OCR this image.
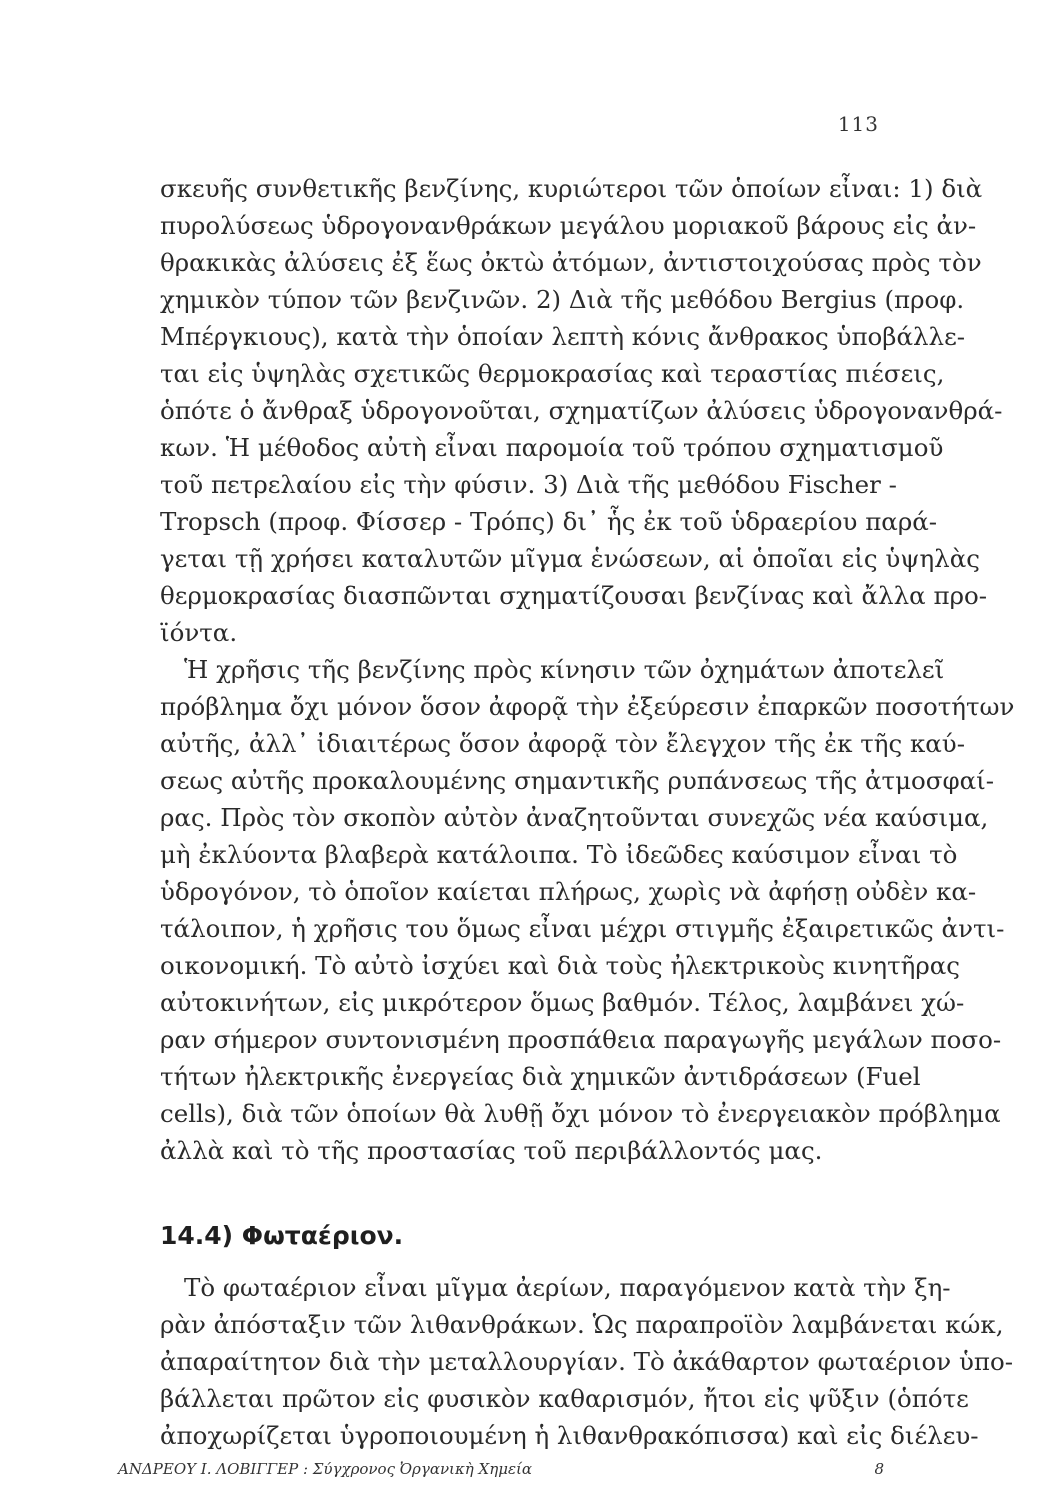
113
σκευῆς συνθετικῆς βενζίνης, κυριώτεροι τῶν ὁποίων εἶναι: 1) διὰ
πυρολύσεως ὑδρογονανθράκων μεγάλου μοριακοῦ βάρους εἰς ἀν-
θρακικὰς ἀλύσεις ἐξ ἕως ὀκτὼ ἀτόμων, ἀντιστοιχούσας πρὸς τὸν
χημικὸν τύπον τῶν βενζινῶν. 2) Διὰ τῆς μεθόδου Bergius (προφ.
Μπέργκιους), κατὰ τὴν ὁποίαν λεπτὴ κόνις ἄνθρακος ὑποβάλλε-
ται εἰς ὑψηλὰς σχετικῶς θερμοκρασίας καὶ τεραστίας πιέσεις,
ὁπότε ὁ ἄνθραξ ὑδρογονοῦται, σχηματίζων ἀλύσεις ὑδρογονανθρά-
κων. Ἡ μέθοδος αὐτὴ εἶναι παρομοία τοῦ τρόπου σχηματισμοῦ
τοῦ πετρελαίου εἰς τὴν φύσιν. 3) Διὰ τῆς μεθόδου Fischer -
Tropsch (προφ. Φίσσερ - Τρόπς) δι᾽ ἧς ἐκ τοῦ ὑδραερίου παρά-
γεται τῇ χρήσει καταλυτῶν μῖγμα ἑνώσεων, αἱ ὁποῖαι εἰς ὑψηλὰς
θερμοκρασίας διασπῶνται σχηματίζουσαι βενζίνας καὶ ἄλλα προ-
ϊόντα.
Ἡ χρῆσις τῆς βενζίνης πρὸς κίνησιν τῶν ὀχημάτων ἀποτελεῖ
πρόβλημα ὄχι μόνον ὅσον ἀφορᾷ τὴν ἐξεύρεσιν ἐπαρκῶν ποσοτήτων
αὐτῆς, ἀλλ᾽ ἰδιαιτέρως ὅσον ἀφορᾷ τὸν ἔλεγχον τῆς ἐκ τῆς καύ-
σεως αὐτῆς προκαλουμένης σημαντικῆς ρυπάνσεως τῆς ἀτμοσφαί-
ρας. Πρὸς τὸν σκοπὸν αὐτὸν ἀναζητοῦνται συνεχῶς νέα καύσιμα,
μὴ ἐκλύοντα βλαβερὰ κατάλοιπα. Τὸ ἰδεῶδες καύσιμον εἶναι τὸ
ὑδρογόνον, τὸ ὁποῖον καίεται πλήρως, χωρὶς νὰ ἀφήσῃ οὐδὲν κα-
τάλοιπον, ἡ χρῆσις του ὅμως εἶναι μέχρι στιγμῆς ἐξαιρετικῶς ἀντι-
οικονομική. Τὸ αὐτὸ ἰσχύει καὶ διὰ τοὺς ἠλεκτρικοὺς κινητῆρας
αὐτοκινήτων, εἰς μικρότερον ὅμως βαθμόν. Τέλος, λαμβάνει χώ-
ραν σήμερον συντονισμένη προσπάθεια παραγωγῆς μεγάλων ποσο-
τήτων ἠλεκτρικῆς ἐνεργείας διὰ χημικῶν ἀντιδράσεων (Fuel
cells), διὰ τῶν ὁποίων θὰ λυθῇ ὄχι μόνον τὸ ἐνεργειακὸν πρόβλημα
ἀλλὰ καὶ τὸ τῆς προστασίας τοῦ περιβάλλοντός μας.
14.4) Φωταέριον.
Τὸ φωταέριον εἶναι μῖγμα ἀερίων, παραγόμενον κατὰ τὴν ξη-
ρὰν ἀπόσταξιν τῶν λιθανθράκων. Ὡς παραπροϊὸν λαμβάνεται κώκ,
ἀπαραίτητον διὰ τὴν μεταλλουργίαν. Τὸ ἀκάθαρτον φωταέριον ὑπο-
βάλλεται πρῶτον εἰς φυσικὸν καθαρισμόν, ἤτοι εἰς ψῦξιν (ὁπότε
ἀποχωρίζεται ὑγροποιουμένη ἡ λιθανθρακόπισσα) καὶ εἰς διέλευ-
ΑΝΔΡΕΟΥ Ι. ΛΟΒΙΓΓΕΡ : Σύγχρονος Ὀργανικὴ Χημεία	8
